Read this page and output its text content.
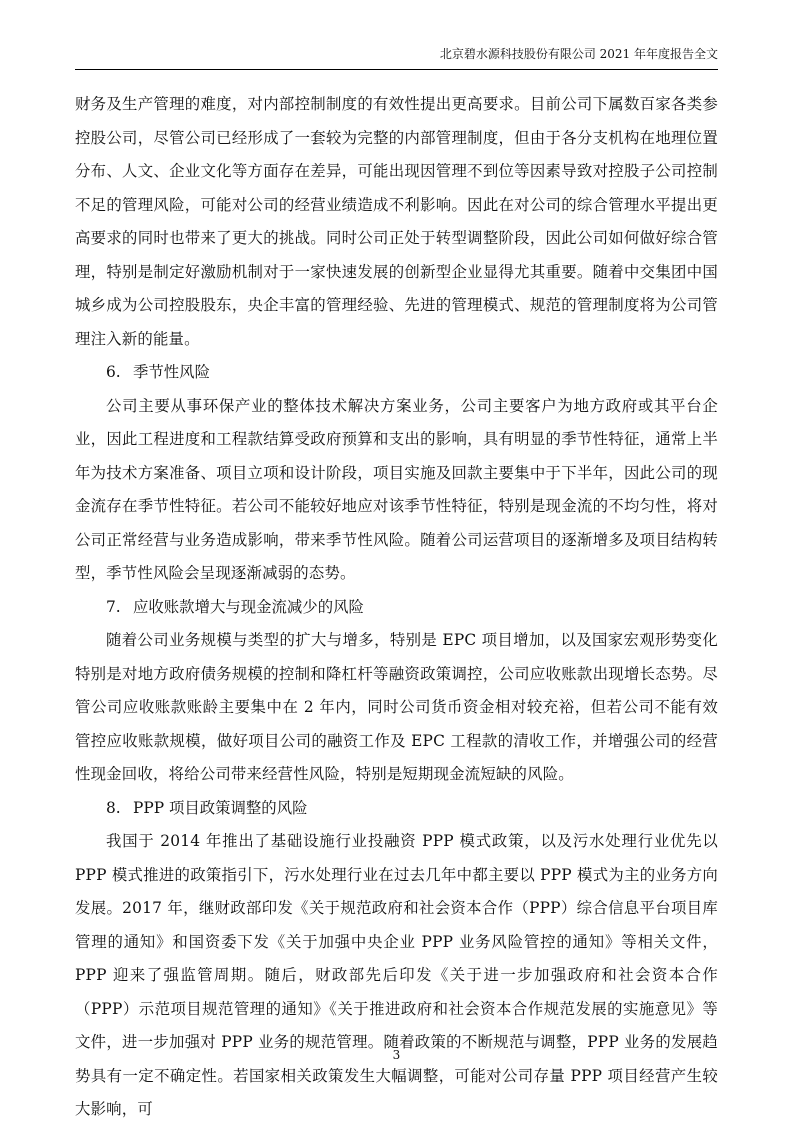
北京碧水源科技股份有限公司 2021 年年度报告全文

财务及生产管理的难度，对内部控制制度的有效性提出更高要求。目前公司下属数百家各类参控股公司，尽管公司已经形成了一套较为完整的内部管理制度，但由于各分支机构在地理位置分布、人文、企业文化等方面存在差异，可能出现因管理不到位等因素导致对控股子公司控制不足的管理风险，可能对公司的经营业绩造成不利影响。因此在对公司的综合管理水平提出更高要求的同时也带来了更大的挑战。同时公司正处于转型调整阶段，因此公司如何做好综合管理，特别是制定好激励机制对于一家快速发展的创新型企业显得尤其重要。随着中交集团中国城乡成为公司控股股东，央企丰富的管理经验、先进的管理模式、规范的管理制度将为公司管理注入新的能量。

6. 季节性风险

公司主要从事环保产业的整体技术解决方案业务，公司主要客户为地方政府或其平台企业，因此工程进度和工程款结算受政府预算和支出的影响，具有明显的季节性特征，通常上半年为技术方案准备、项目立项和设计阶段，项目实施及回款主要集中于下半年，因此公司的现金流存在季节性特征。若公司不能较好地应对该季节性特征，特别是现金流的不均匀性，将对公司正常经营与业务造成影响，带来季节性风险。随着公司运营项目的逐渐增多及项目结构转型，季节性风险会呈现逐渐减弱的态势。

7. 应收账款增大与现金流减少的风险

随着公司业务规模与类型的扩大与增多，特别是 EPC 项目增加，以及国家宏观形势变化特别是对地方政府债务规模的控制和降杠杆等融资政策调控，公司应收账款出现增长态势。尽管公司应收账款账龄主要集中在 2 年内，同时公司货币资金相对较充裕，但若公司不能有效管控应收账款规模，做好项目公司的融资工作及 EPC 工程款的清收工作，并增强公司的经营性现金回收，将给公司带来经营性风险，特别是短期现金流短缺的风险。

8. PPP 项目政策调整的风险

我国于 2014 年推出了基础设施行业投融资 PPP 模式政策，以及污水处理行业优先以 PPP 模式推进的政策指引下，污水处理行业在过去几年中都主要以 PPP 模式为主的业务方向发展。2017 年，继财政部印发《关于规范政府和社会资本合作（PPP）综合信息平台项目库管理的通知》和国资委下发《关于加强中央企业 PPP 业务风险管控的通知》等相关文件，PPP 迎来了强监管周期。随后，财政部先后印发《关于进一步加强政府和社会资本合作（PPP）示范项目规范管理的通知》《关于推进政府和社会资本合作规范发展的实施意见》等文件，进一步加强对 PPP 业务的规范管理。随着政策的不断规范与调整，PPP 业务的发展趋势具有一定不确定性。若国家相关政策发生大幅调整，可能对公司存量 PPP 项目经营产生较大影响，可

3
